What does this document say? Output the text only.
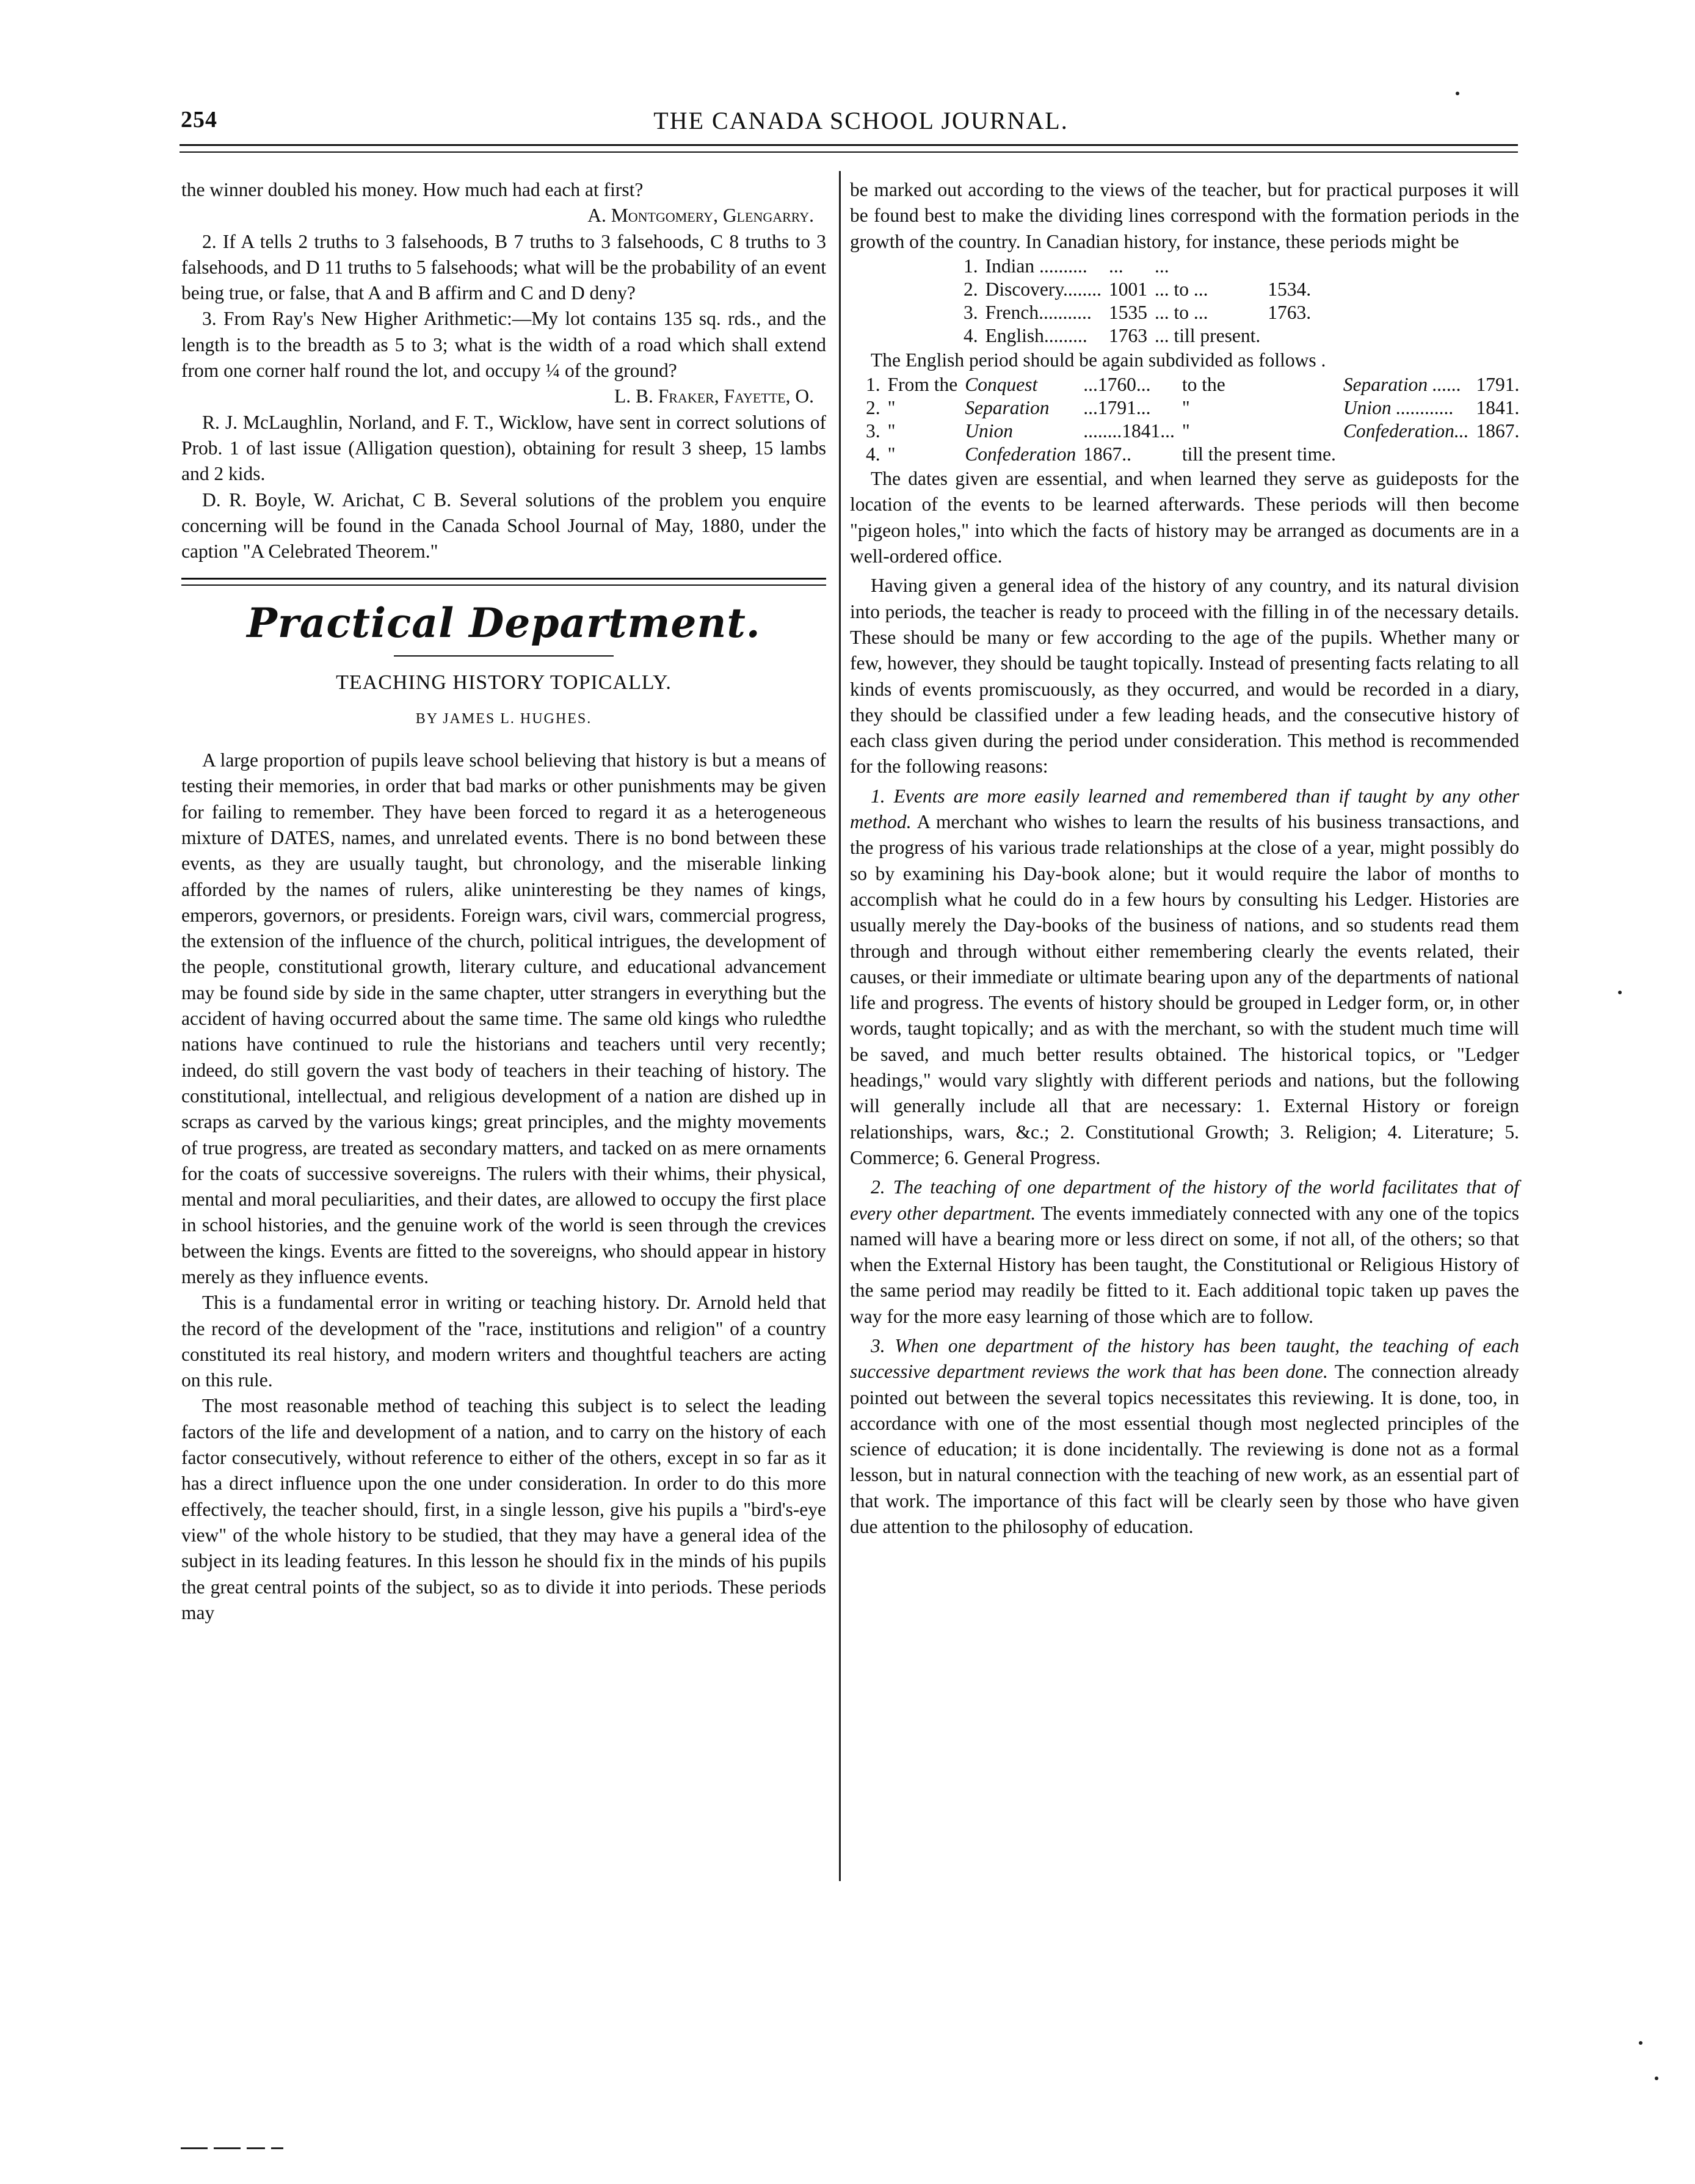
254	THE CANADA SCHOOL JOURNAL.

the winner doubled his money. How much had each at first?

A. Montgomery, Glengarry.

2. If A tells 2 truths to 3 falsehoods, B 7 truths to 3 falsehoods, C 8 truths to 3 falsehoods, and D 11 truths to 5 falsehoods; what will be the probability of an event being true, or false, that A and B affirm and C and D deny?

3. From Ray's New Higher Arithmetic:—My lot contains 135 sq. rds., and the length is to the breadth as 5 to 3; what is the width of a road which shall extend from one corner half round the lot, and occupy ¼ of the ground?

L. B. Fraker, Fayette, O.

R. J. McLaughlin, Norland, and F. T., Wicklow, have sent in correct solutions of Prob. 1 of last issue (Alligation question), obtaining for result 3 sheep, 15 lambs and 2 kids.

D. R. Boyle, W. Arichat, C B. Several solutions of the problem you enquire concerning will be found in the Canada School Journal of May, 1880, under the caption "A Celebrated Theorem."

Practical Department.
TEACHING HISTORY TOPICALLY.
BY JAMES L. HUGHES.

A large proportion of pupils leave school believing that history is but a means of testing their memories, in order that bad marks or other punishments may be given for failing to remember. They have been forced to regard it as a heterogeneous mixture of DATES, names, and unrelated events. There is no bond between these events, as they are usually taught, but chronology, and the miserable linking afforded by the names of rulers, alike uninteresting be they names of kings, emperors, governors, or presidents. Foreign wars, civil wars, commercial progress, the extension of the influence of the church, political intrigues, the development of the people, constitutional growth, literary culture, and educational advancement may be found side by side in the same chapter, utter strangers in everything but the accident of having occurred about the same time. The same old kings who ruledthe nations have continued to rule the historians and teachers until very recently; indeed, do still govern the vast body of teachers in their teaching of history. The constitutional, intellectual, and religious development of a nation are dished up in scraps as carved by the various kings; great principles, and the mighty movements of true progress, are treated as secondary matters, and tacked on as mere ornaments for the coats of successive sovereigns. The rulers with their whims, their physical, mental and moral peculiarities, and their dates, are allowed to occupy the first place in school histories, and the genuine work of the world is seen through the crevices between the kings. Events are fitted to the sovereigns, who should appear in history merely as they influence events.

This is a fundamental error in writing or teaching history. Dr. Arnold held that the record of the development of the "race, institutions and religion" of a country constituted its real history, and modern writers and thoughtful teachers are acting on this rule.

The most reasonable method of teaching this subject is to select the leading factors of the life and development of a nation, and to carry on the history of each factor consecutively, without reference to either of the others, except in so far as it has a direct influence upon the one under consideration. In order to do this more effectively, the teacher should, first, in a single lesson, give his pupils a "bird's-eye view" of the whole history to be studied, that they may have a general idea of the subject in its leading features. In this lesson he should fix in the minds of his pupils the great central points of the subject, so as to divide it into periods. These periods may

be marked out according to the views of the teacher, but for practical purposes it will be found best to make the dividing lines correspond with the formation periods in the growth of the country. In Canadian history, for instance, these periods might be

1.	Indian ..........	...	...	
2.	Discovery........	1001	... to ...	1534.
3.	French...........	1535	... to ...	1763.
4.	English.........	1763	... till present.	

The English period should be again subdivided as follows .

1.	From the	Conquest	...1760...	to the	Separation ......	1791.
2.	"	Separation	...1791...	"	Union ............	1841.
3.	"	Union	........1841...	"	Confederation...	1867.
4.	"	Confederation	1867..	till the present time.		

The dates given are essential, and when learned they serve as guideposts for the location of the events to be learned afterwards. These periods will then become "pigeon holes," into which the facts of history may be arranged as documents are in a well-ordered office.

Having given a general idea of the history of any country, and its natural division into periods, the teacher is ready to proceed with the filling in of the necessary details. These should be many or few according to the age of the pupils. Whether many or few, however, they should be taught topically. Instead of presenting facts relating to all kinds of events promiscuously, as they occurred, and would be recorded in a diary, they should be classified under a few leading heads, and the consecutive history of each class given during the period under consideration. This method is recommended for the following reasons:

1. Events are more easily learned and remembered than if taught by any other method. A merchant who wishes to learn the results of his business transactions, and the progress of his various trade relationships at the close of a year, might possibly do so by examining his Day-book alone; but it would require the labor of months to accomplish what he could do in a few hours by consulting his Ledger. Histories are usually merely the Day-books of the business of nations, and so students read them through and through without either remembering clearly the events related, their causes, or their immediate or ultimate bearing upon any of the departments of national life and progress. The events of history should be grouped in Ledger form, or, in other words, taught topically; and as with the merchant, so with the student much time will be saved, and much better results obtained. The historical topics, or "Ledger headings," would vary slightly with different periods and nations, but the following will generally include all that are necessary: 1. External History or foreign relationships, wars, &c.; 2. Constitutional Growth; 3. Religion; 4. Literature; 5. Commerce; 6. General Progress.

2. The teaching of one department of the history of the world facilitates that of every other department. The events immediately connected with any one of the topics named will have a bearing more or less direct on some, if not all, of the others; so that when the External History has been taught, the Constitutional or Religious History of the same period may readily be fitted to it. Each additional topic taken up paves the way for the more easy learning of those which are to follow.

3. When one department of the history has been taught, the teaching of each successive department reviews the work that has been done. The connection already pointed out between the several topics necessitates this reviewing. It is done, too, in accordance with one of the most essential though most neglected principles of the science of education; it is done incidentally. The reviewing is done not as a formal lesson, but in natural connection with the teaching of new work, as an essential part of that work. The importance of this fact will be clearly seen by those who have given due attention to the philosophy of education.
